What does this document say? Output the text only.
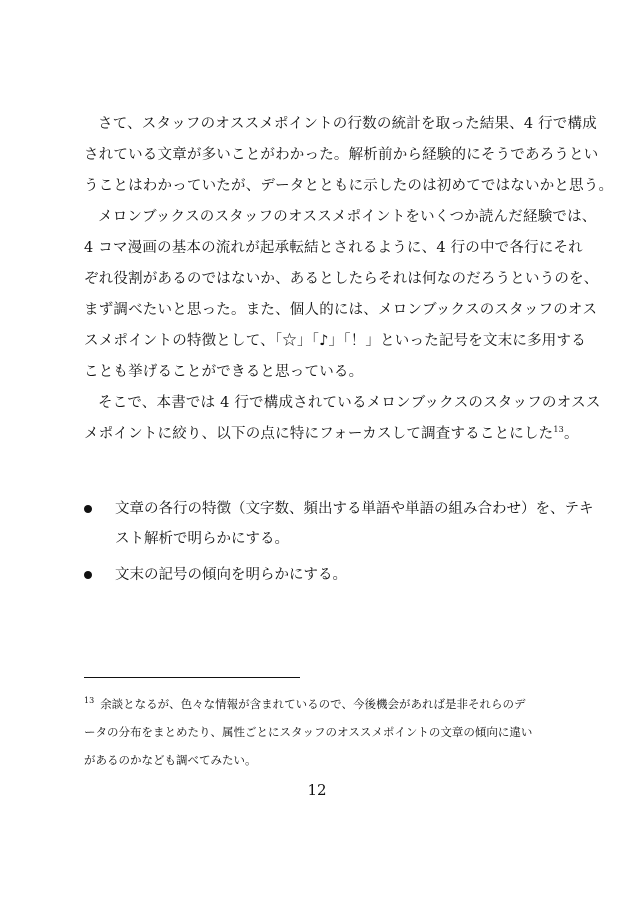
さて、スタッフのオススメポイントの行数の統計を取った結果、4 行で構成
されている文章が多いことがわかった。解析前から経験的にそうであろうとい
うことはわかっていたが、データとともに示したのは初めてではないかと思う。
メロンブックスのスタッフのオススメポイントをいくつか読んだ経験では、
4 コマ漫画の基本の流れが起承転結とされるように、4 行の中で各行にそれ
ぞれ役割があるのではないか、あるとしたらそれは何なのだろうというのを、
まず調べたいと思った。また、個人的には、メロンブックスのスタッフのオス
スメポイントの特徴として、「☆」「♪」「！」といった記号を文末に多用する
ことも挙げることができると思っている。
そこで、本書では 4 行で構成されているメロンブックスのスタッフのオスス
メポイントに絞り、以下の点に特にフォーカスして調査することにした$^{13}$。
文章の各行の特徴（文字数、頻出する単語や単語の組み合わせ）を、テキ
スト解析で明らかにする。
文末の記号の傾向を明らかにする。
$^{13}$ 余談となるが、色々な情報が含まれているので、今後機会があれば是非それらのデ
ータの分布をまとめたり、属性ごとにスタッフのオススメポイントの文章の傾向に違い
があるのかなども調べてみたい。
12
